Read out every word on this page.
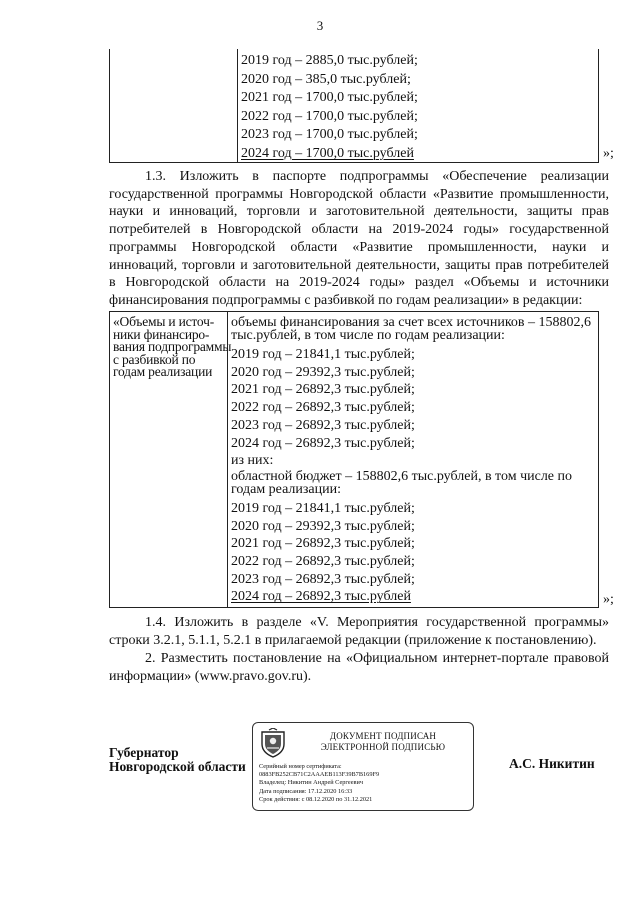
3
2019 год – 2885,0 тыс.рублей;
2020 год – 385,0 тыс.рублей;
2021 год – 1700,0 тыс.рублей;
2022 год – 1700,0 тыс.рублей;
2023 год – 1700,0 тыс.рублей;
2024 год – 1700,0 тыс.рублей	»;
1.3. Изложить в паспорте подпрограммы «Обеспечение реализации государственной программы Новгородской области «Развитие промышленности, науки и инноваций, торговли и заготовительной деятельности, защиты прав потребителей в Новгородской области на 2019-2024 годы» государственной программы Новгородской области «Развитие промышленности, науки и инноваций, торговли и заготовительной деятельности, защиты прав потребителей в Новгородской области на 2019-2024 годы» раздел «Объемы и источники финансирования подпрограммы с разбивкой по годам реализации» в редакции:
«Объемы и источ-
ники финансиро-
вания подпрограммы
с разбивкой по
годам реализации
объемы финансирования за счет всех источников – 158802,6 тыс.рублей, в том числе по годам реализации:
2019 год – 21841,1 тыс.рублей;
2020 год – 29392,3 тыс.рублей;
2021 год – 26892,3 тыс.рублей;
2022 год – 26892,3 тыс.рублей;
2023 год – 26892,3 тыс.рублей;
2024 год – 26892,3 тыс.рублей;
из них:
областной бюджет – 158802,6 тыс.рублей, в том числе по годам реализации:
2019 год – 21841,1 тыс.рублей;
2020 год – 29392,3 тыс.рублей;
2021 год – 26892,3 тыс.рублей;
2022 год – 26892,3 тыс.рублей;
2023 год – 26892,3 тыс.рублей;
2024 год – 26892,3 тыс.рублей	»;
1.4. Изложить в разделе «V. Мероприятия государственной программы» строки 3.2.1, 5.1.1, 5.2.1 в прилагаемой редакции (приложение к постановлению).
2. Разместить постановление на «Официальном интернет-портале правовой информации» (www.pravo.gov.ru).
Губернатор
Новгородской области
ДОКУМЕНТ ПОДПИСАН
ЭЛЕКТРОННОЙ ПОДПИСЬЮ
Серийный номер сертификата:
0883FB252CB71C2AAAEB113F39B7B169F9
Владелец: Никитин Андрей Сергеевич
Дата подписания: 17.12.2020 16:33
Срок действия: с 08.12.2020 по 31.12.2021
А.С. Никитин
